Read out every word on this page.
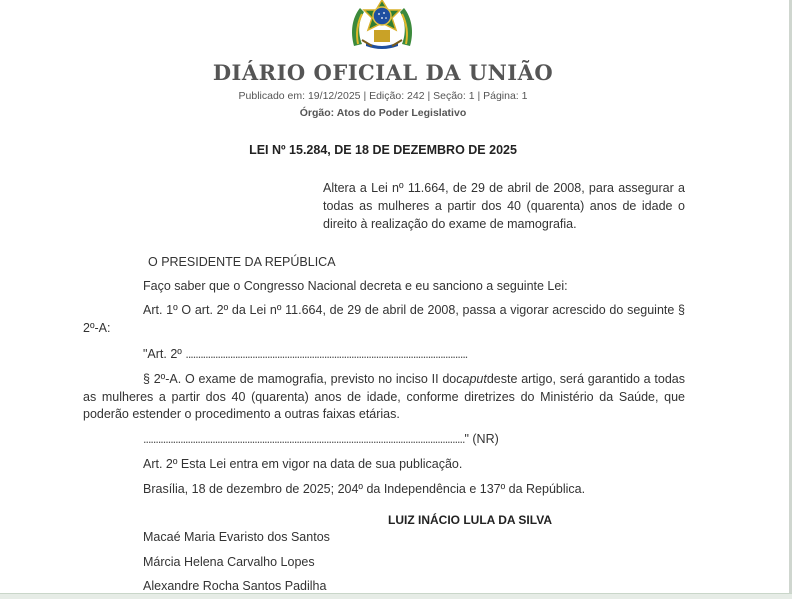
DIÁRIO OFICIAL DA UNIÃO
Publicado em: 19/12/2025 | Edição: 242 | Seção: 1 | Página: 1
Órgão: Atos do Poder Legislativo
LEI Nº 15.284, DE 18 DE DEZEMBRO DE 2025
Altera a Lei nº 11.664, de 29 de abril de 2008, para assegurar a todas as mulheres a partir dos 40 (quarenta) anos de idade o direito à realização do exame de mamografia.
O PRESIDENTE DA REPÚBLICA
Faço saber que o Congresso Nacional decreta e eu sanciono a seguinte Lei:
Art. 1º O art. 2º da Lei nº 11.664, de 29 de abril de 2008, passa a vigorar acrescido do seguinte § 2º-A:
"Art. 2º ..................................................................................................................
§ 2º-A. O exame de mamografia, previsto no inciso II docaputdeste artigo, será garantido a todas as mulheres a partir dos 40 (quarenta) anos de idade, conforme diretrizes do Ministério da Saúde, que poderão estender o procedimento a outras faixas etárias.
.................................................................................................................................." (NR)
Art. 2º Esta Lei entra em vigor na data de sua publicação.
Brasília, 18 de dezembro de 2025; 204º da Independência e 137º da República.
LUIZ INÁCIO LULA DA SILVA
Macaé Maria Evaristo dos Santos
Márcia Helena Carvalho Lopes
Alexandre Rocha Santos Padilha
